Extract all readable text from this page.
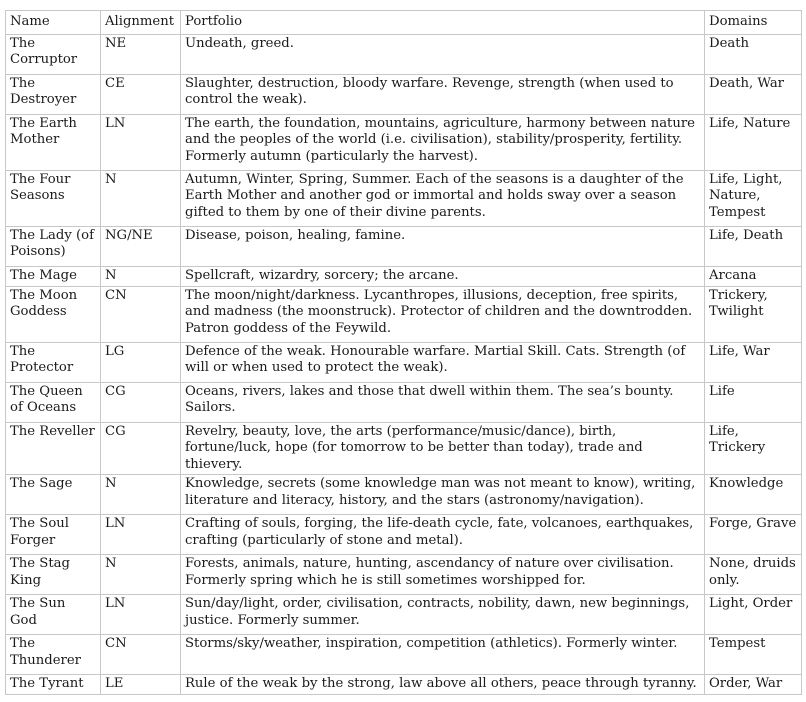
Name	Alignment	Portfolio	Domains
The Corruptor	NE	Undeath, greed.	Death
The Destroyer	CE	Slaughter, destruction, bloody warfare. Revenge, strength (when used to control the weak).	Death, War
The Earth Mother	LN	The earth, the foundation, mountains, agriculture, harmony between nature and the peoples of the world (i.e. civilisation), stability/prosperity, fertility. Formerly autumn (particularly the harvest).	Life, Nature
The Four Seasons	N	Autumn, Winter, Spring, Summer. Each of the seasons is a daughter of the Earth Mother and another god or immortal and holds sway over a season gifted to them by one of their divine parents.	Life, Light, Nature, Tempest
The Lady (of Poisons)	NG/NE	Disease, poison, healing, famine.	Life, Death
The Mage	N	Spellcraft, wizardry, sorcery; the arcane.	Arcana
The Moon Goddess	CN	The moon/night/darkness. Lycanthropes, illusions, deception, free spirits, and madness (the moonstruck). Protector of children and the downtrodden. Patron goddess of the Feywild.	Trickery, Twilight
The Protector	LG	Defence of the weak. Honourable warfare. Martial Skill. Cats. Strength (of will or when used to protect the weak).	Life, War
The Queen of Oceans	CG	Oceans, rivers, lakes and those that dwell within them. The sea’s bounty. Sailors.	Life
The Reveller	CG	Revelry, beauty, love, the arts (performance/music/dance), birth, fortune/luck, hope (for tomorrow to be better than today), trade and thievery.	Life, Trickery
The Sage	N	Knowledge, secrets (some knowledge man was not meant to know), writing, literature and literacy, history, and the stars (astronomy/navigation).	Knowledge
The Soul Forger	LN	Crafting of souls, forging, the life-death cycle, fate, volcanoes, earthquakes, crafting (particularly of stone and metal).	Forge, Grave
The Stag King	N	Forests, animals, nature, hunting, ascendancy of nature over civilisation. Formerly spring which he is still sometimes worshipped for.	None, druids only.
The Sun God	LN	Sun/day/light, order, civilisation, contracts, nobility, dawn, new beginnings, justice. Formerly summer.	Light, Order
The Thunderer	CN	Storms/sky/weather, inspiration, competition (athletics). Formerly winter.	Tempest
The Tyrant	LE	Rule of the weak by the strong, law above all others, peace through tyranny.	Order, War
